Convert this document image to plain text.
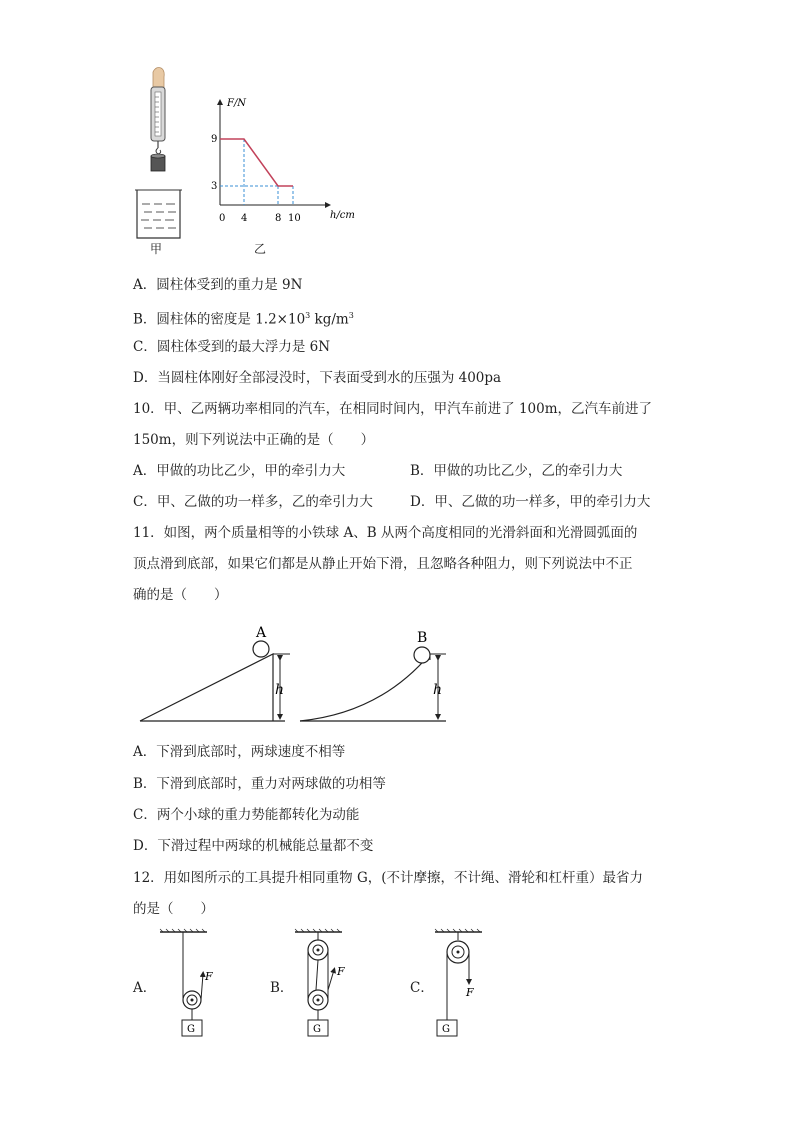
甲
F/N
h/cm
9
3
0 4	8 10
乙
A．圆柱体受到的重力是 9N
B．圆柱体的密度是 $1.2\times 10^3$ $kg/m^3$
C．圆柱体受到的最大浮力是 6N
D．当圆柱体刚好全部浸没时，下表面受到水的压强为 400pa
10．甲、乙两辆功率相同的汽车，在相同时间内，甲汽车前进了 100m，乙汽车前进了
150m，则下列说法中正确的是（　　）
A．甲做的功比乙少，甲的牵引力大	B．甲做的功比乙少，乙的牵引力大
C．甲、乙做的功一样多，乙的牵引力大	D．甲、乙做的功一样多，甲的牵引力大
11．如图，两个质量相等的小铁球 A、B 从两个高度相同的光滑斜面和光滑圆弧面的
顶点滑到底部，如果它们都是从静止开始下滑，且忽略各种阻力，则下列说法中不正
确的是（　　）
A
h
B
h
A．下滑到底部时，两球速度不相等
B．下滑到底部时，重力对两球做的功相等
C．两个小球的重力势能都转化为动能
D．下滑过程中两球的机械能总量都不变
12．用如图所示的工具提升相同重物 G，(不计摩擦，不计绳、滑轮和杠杆重）最省力
的是（　　）
A．	B．	C．
G
F
G
F
G
F
